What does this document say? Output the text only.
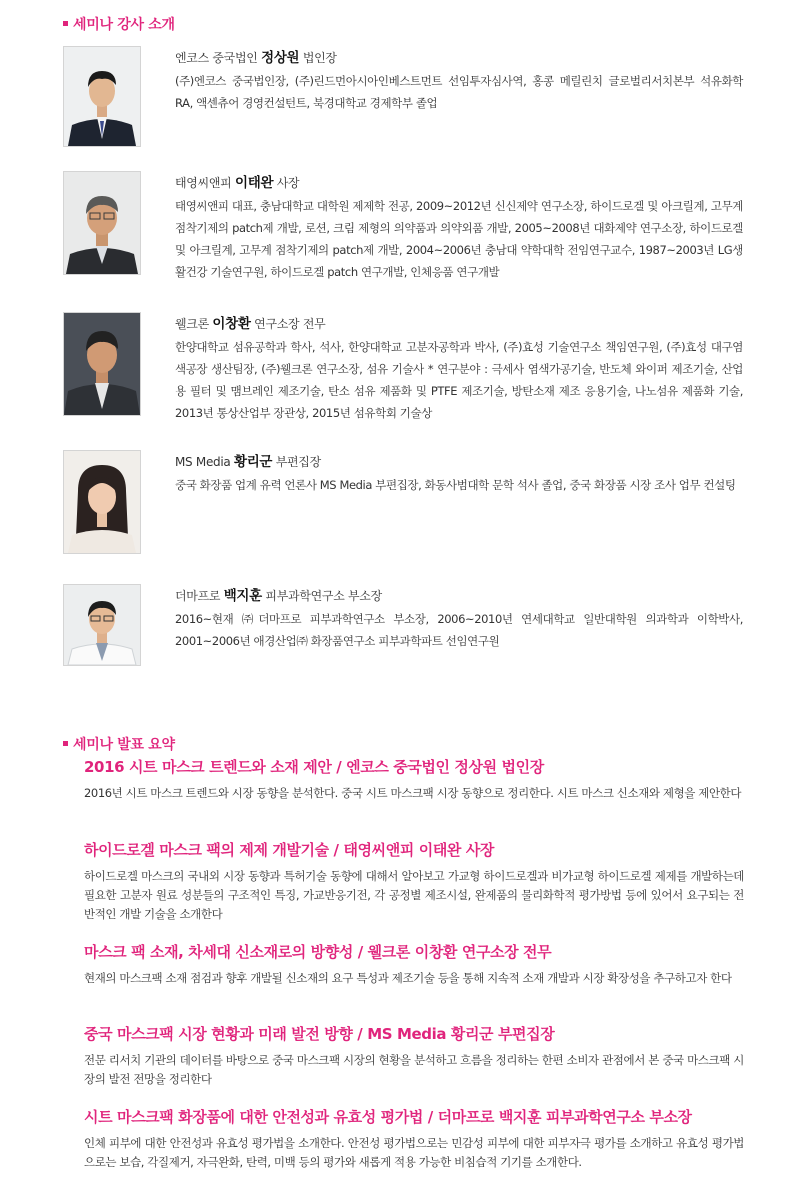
세미나 강사 소개

엔코스 중국법인 정상원 법인장

(주)엔코스 중국법인장, (주)린드먼아시아인베스트먼트 선임투자심사역, 홍콩 메릴린치 글로벌리서치본부 석유화학 RA, 액센츄어 경영컨설턴트, 북경대학교 경제학부 졸업

태영씨앤피 이태완 사장

태영씨앤피 대표, 충남대학교 대학원 제제학 전공, 2009~2012년 신신제약 연구소장, 하이드로겔 및 아크릴계, 고무계 점착기제의 patch제 개발, 로션, 크림 제형의 의약품과 의약외품 개발, 2005~2008년 대화제약 연구소장, 하이드로겔 및 아크릴계, 고무계 점착기제의 patch제 개발, 2004~2006년 충남대 약학대학 전임연구교수, 1987~2003년 LG생활건강 기술연구원, 하이드로겔 patch 연구개발, 인체응품 연구개발

웰크론 이창환 연구소장 전무

한양대학교 섬유공학과 학사, 석사, 한양대학교 고분자공학과 박사, (주)효성 기술연구소 책임연구원, (주)효성 대구염색공장 생산팀장, (주)웰크론 연구소장, 섬유 기술사 * 연구분야 : 극세사 염색가공기술, 반도체 와이퍼 제조기술, 산업용 필터 및 맴브레인 제조기술, 탄소 섬유 제품화 및 PTFE 제조기술, 방탄소재 제조 응용기술, 나노섬유 제품화 기술, 2013년 통상산업부 장관상, 2015년 섬유학회 기술상

MS Media 황리군 부편집장

중국 화장품 업계 유력 언론사 MS Media 부편집장, 화동사범대학 문학 석사 졸업, 중국 화장품 시장 조사 업무 컨설팅

더마프로 백지훈 피부과학연구소 부소장

2016~현재 ㈜더마프로 피부과학연구소 부소장, 2006~2010년 연세대학교 일반대학원 의과학과 이학박사, 2001~2006년 애경산업㈜ 화장품연구소 피부과학파트 선임연구원

세미나 발표 요약

2016 시트 마스크 트렌드와 소재 제안 / 엔코스 중국법인 정상원 법인장

2016년 시트 마스크 트렌드와 시장 동향을 분석한다. 중국 시트 마스크팩 시장 동향으로 정리한다. 시트 마스크 신소재와 제형을 제안한다

하이드로겔 마스크 팩의 제제 개발기술 / 태영씨앤피 이태완 사장

하이드로겔 마스크의 국내외 시장 동향과 특허기술 동향에 대해서 알아보고 가교형 하이드로겔과 비가교형 하이드로겔 제제를 개발하는데 필요한 고분자 원료 성분들의 구조적인 특징, 가교반응기전, 각 공정별 제조시설, 완제품의 물리화학적 평가방법 등에 있어서 요구되는 전반적인 개발 기술을 소개한다

마스크 팩 소재, 차세대 신소재로의 방향성 / 웰크론 이창환 연구소장 전무

현재의 마스크팩 소재 점검과 향후 개발될 신소재의 요구 특성과 제조기술 등을 통해 지속적 소재 개발과 시장 확장성을 추구하고자 한다

중국 마스크팩 시장 현황과 미래 발전 방향 / MS Media 황리군 부편집장

전문 리서치 기관의 데이터를 바탕으로 중국 마스크팩 시장의 현황을 분석하고 흐름을 정리하는 한편 소비자 관점에서 본 중국 마스크팩 시장의 발전 전망을 정리한다

시트 마스크팩 화장품에 대한 안전성과 유효성 평가법 / 더마프로 백지훈 피부과학연구소 부소장

인체 피부에 대한 안전성과 유효성 평가법을 소개한다. 안전성 평가법으로는 민감성 피부에 대한 피부자극 평가를 소개하고 유효성 평가법으로는 보습, 각질제거, 자극완화, 탄력, 미백 등의 평가와 새롭게 적용 가능한 비침습적 기기를 소개한다.
